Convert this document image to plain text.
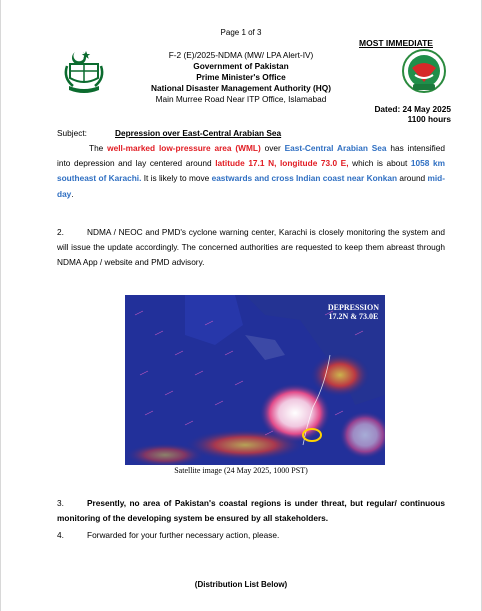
Page 1 of 3
MOST IMMEDIATE
F-2 (E)/2025-NDMA (MW/ LPA Alert-IV)
Government of Pakistan
Prime Minister's Office
National Disaster Management Authority (HQ)
Main Murree Road Near ITP Office, Islamabad
Dated: 24 May 2025
1100 hours
Subject:	Depression over East-Central Arabian Sea
The well-marked low-pressure area (WML) over East-Central Arabian Sea has intensified into depression and lay centered around latitude 17.1 N, longitude 73.0 E, which is about 1058 km southeast of Karachi. It is likely to move eastwards and cross Indian coast near Konkan around mid-day.
2.	NDMA / NEOC and PMD's cyclone warning center, Karachi is closely monitoring the system and will issue the update accordingly. The concerned authorities are requested to keep them abreast through NDMA App / website and PMD advisory.
DEPRESSION
17.2N & 73.0E
Satellite image (24 May 2025, 1000 PST)
3.	Presently, no area of Pakistan's coastal regions is under threat, but regular/ continuous monitoring of the developing system be ensured by all stakeholders.
4.	Forwarded for your further necessary action, please.
(Distribution List Below)
